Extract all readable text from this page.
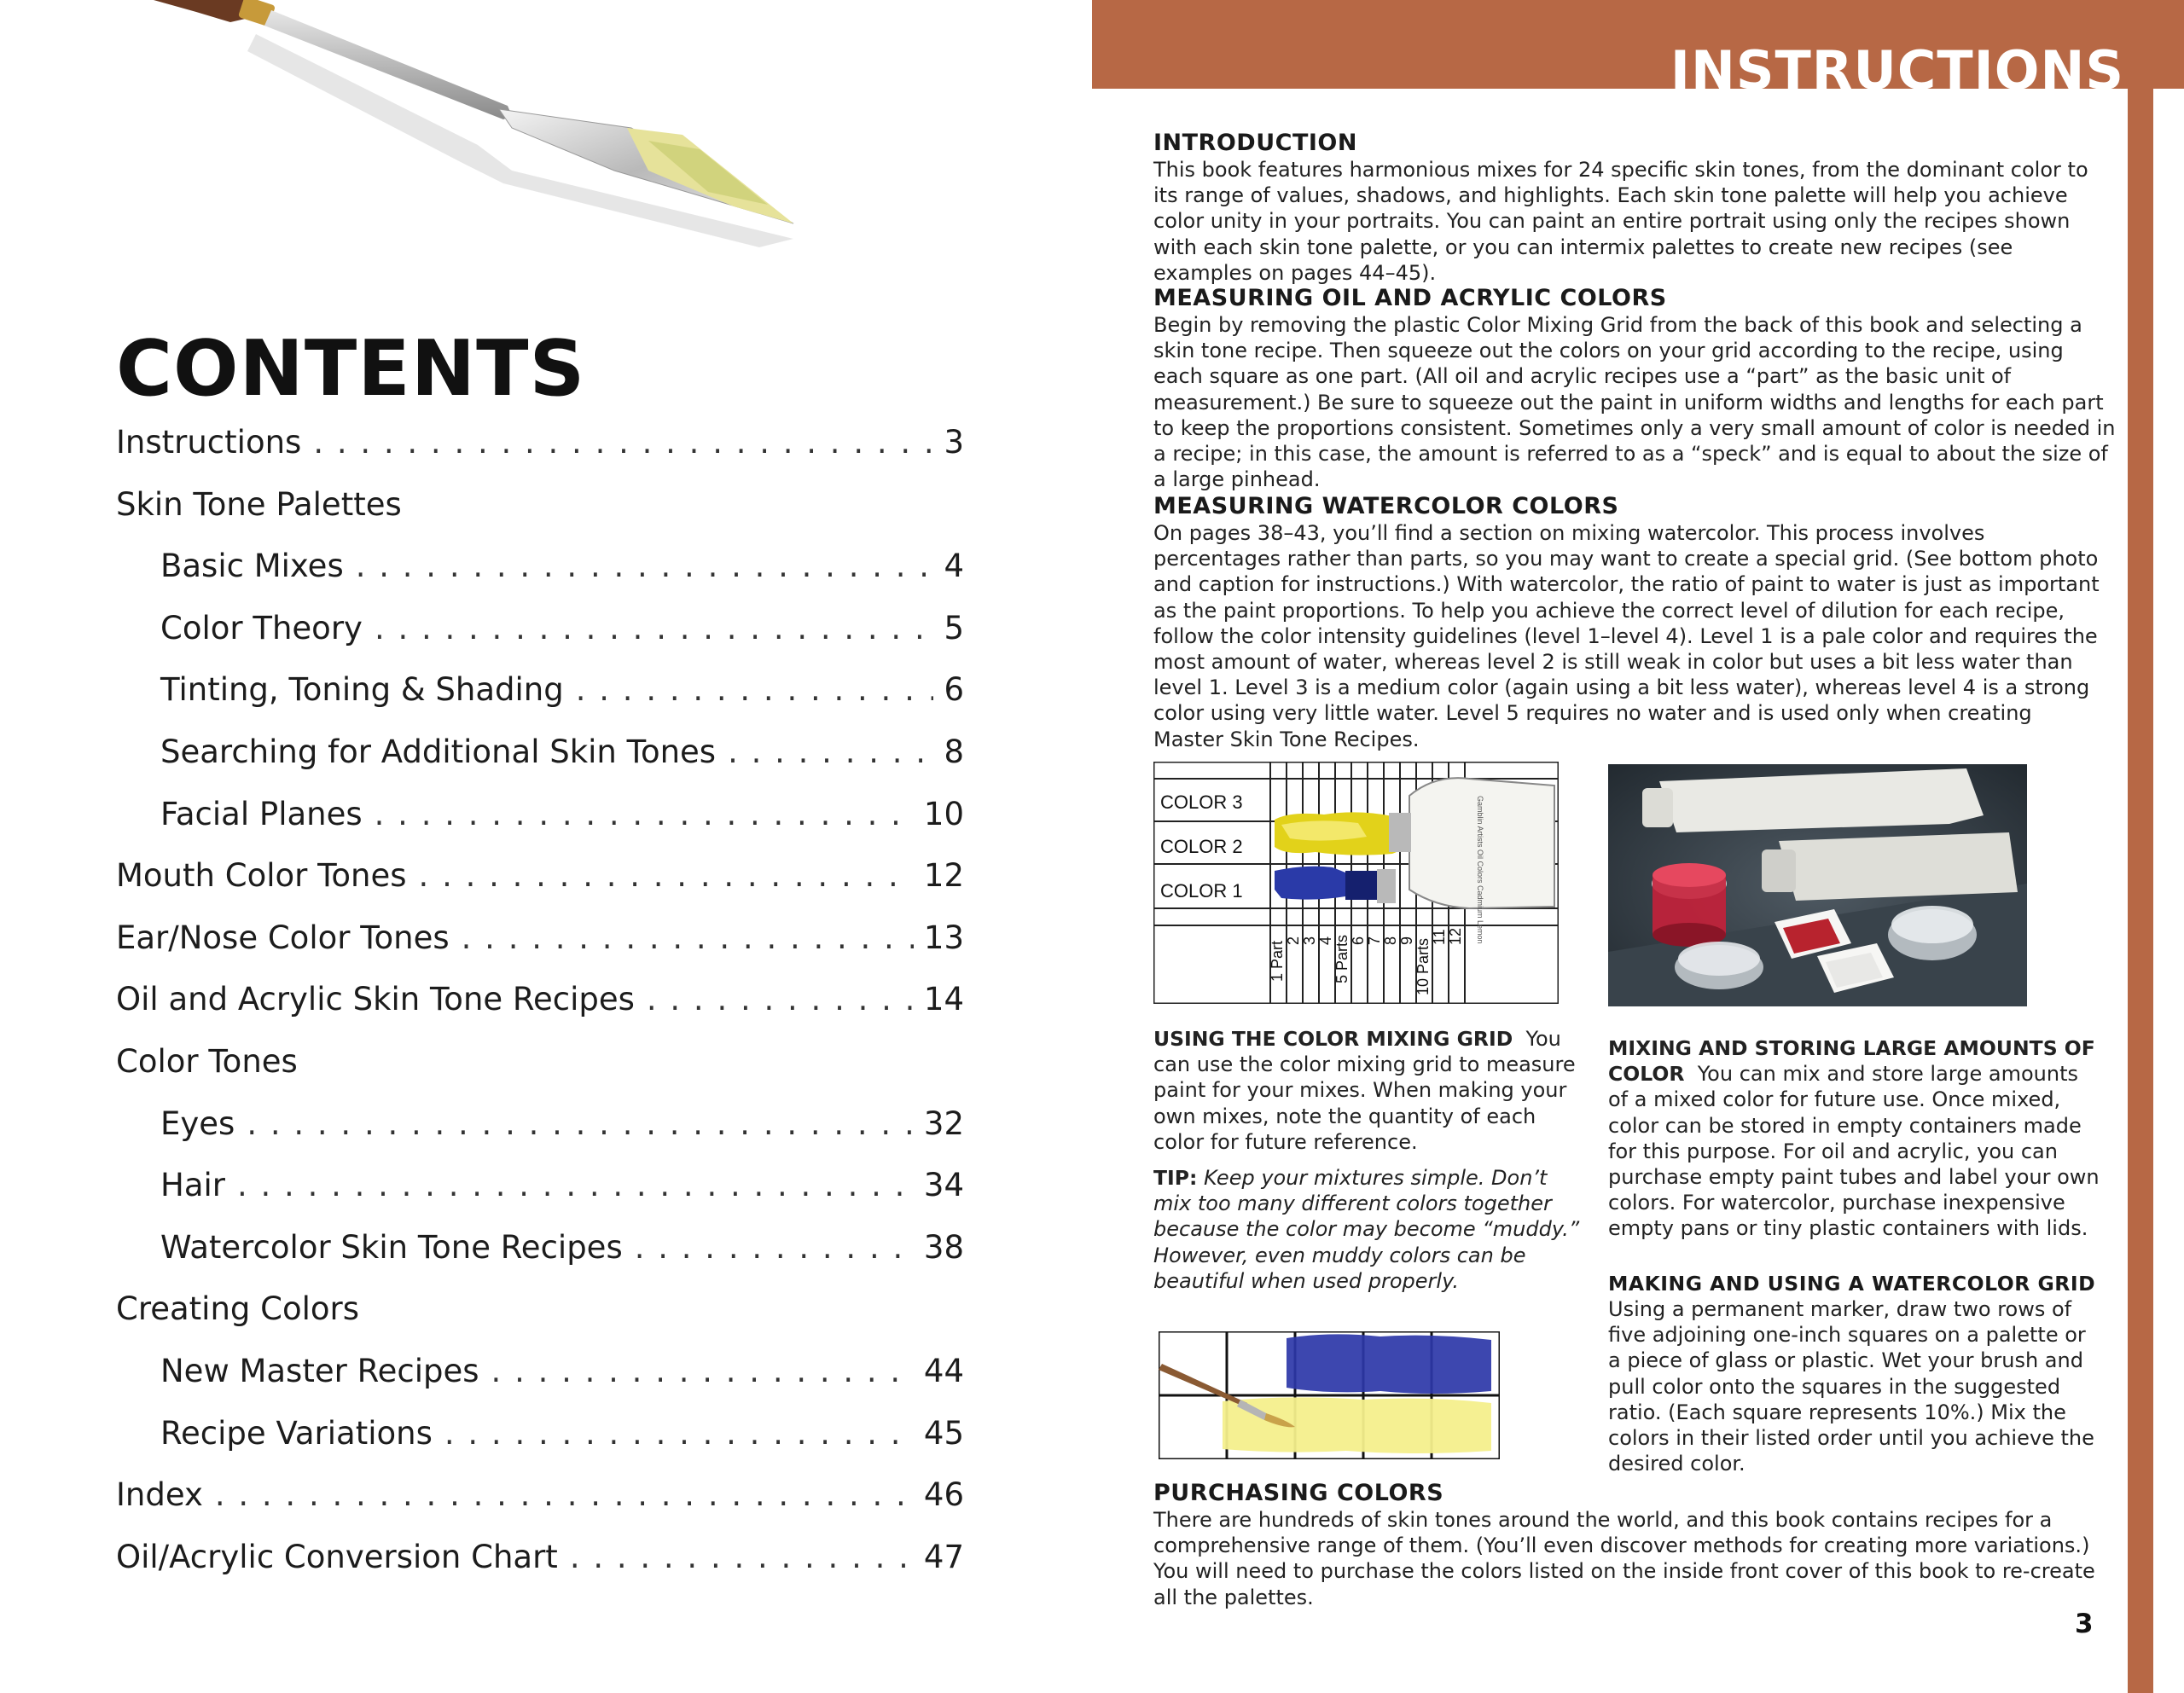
CONTENTS
Instructions . . .	3
Skin Tone Palettes
Basic Mixes . . .	4
Color Theory . . .	5
Tinting, Toning & Shading . . .	6
Searching for Additional Skin Tones . . .	8
Facial Planes . . .	10
Mouth Color Tones . . .	12
Ear/Nose Color Tones . . .	13
Oil and Acrylic Skin Tone Recipes . . .	14
Color Tones
Eyes . . .	32
Hair . . .	34
Watercolor Skin Tone Recipes . . .	38
Creating Colors
New Master Recipes . . .	44
Recipe Variations . . .	45
Index . . .	46
Oil/Acrylic Conversion Chart . . .	47
INSTRUCTIONS
INTRODUCTION

This book features harmonious mixes for 24 specific skin tones, from the dominant color to its range of values, shadows, and highlights. Each skin tone palette will help you achieve color unity in your portraits. You can paint an entire portrait using only the recipes shown with each skin tone palette, or you can intermix palettes to create new recipes (see examples on pages 44–45).

MEASURING OIL AND ACRYLIC COLORS

Begin by removing the plastic Color Mixing Grid from the back of this book and selecting a skin tone recipe. Then squeeze out the colors on your grid according to the recipe, using each square as one part. (All oil and acrylic recipes use a “part” as the basic unit of measurement.) Be sure to squeeze out the paint in uniform widths and lengths for each part to keep the proportions consistent. Sometimes only a very small amount of color is needed in a recipe; in this case, the amount is referred to as a “speck” and is equal to about the size of a large pinhead.

MEASURING WATERCOLOR COLORS

On pages 38–43, you’ll find a section on mixing watercolor. This process involves percentages rather than parts, so you may want to create a special grid. (See bottom photo and caption for instructions.) With watercolor, the ratio of paint to water is just as important as the paint proportions. To help you achieve the correct level of dilution for each recipe, follow the color intensity guidelines (level 1–level 4). Level 1 is a pale color and requires the most amount of water, whereas level 2 is still weak in color but uses a bit less water than level 1. Level 3 is a medium color (again using a bit less water), whereas level 4 is a strong color using very little water. Level 5 requires no water and is used only when creating Master Skin Tone Recipes.

Gamblin Artists Oil Colors Cadmium Lemon
COLOR 3
COLOR 2
COLOR 1
1 Part 2 3 4 5 Parts 6 7 8 9 10 Parts
11 12

USING THE COLOR MIXING GRID You can use the color mixing grid to measure paint for your mixes. When making your own mixes, note the quantity of each color for future reference.

TIP: Keep your mixtures simple. Don’t mix too many different colors together because the color may become “muddy.” However, even muddy colors can be beautiful when used properly.

MIXING AND STORING LARGE AMOUNTS OF COLOR You can mix and store large amounts of a mixed color for future use. Once mixed, color can be stored in empty containers made for this purpose. For oil and acrylic, you can purchase empty paint tubes and label your own colors. For watercolor, purchase inexpensive empty pans or tiny plastic containers with lids.

MAKING AND USING A WATERCOLOR GRID

Using a permanent marker, draw two rows of five adjoining one-inch squares on a palette or a piece of glass or plastic. Wet your brush and pull color onto the squares in the suggested ratio. (Each square represents 10%.) Mix the colors in their listed order until you achieve the desired color.

PURCHASING COLORS

There are hundreds of skin tones around the world, and this book contains recipes for a comprehensive range of them. (You’ll even discover methods for creating more variations.) You will need to purchase the colors listed on the inside front cover of this book to re-create all the palettes.

3
